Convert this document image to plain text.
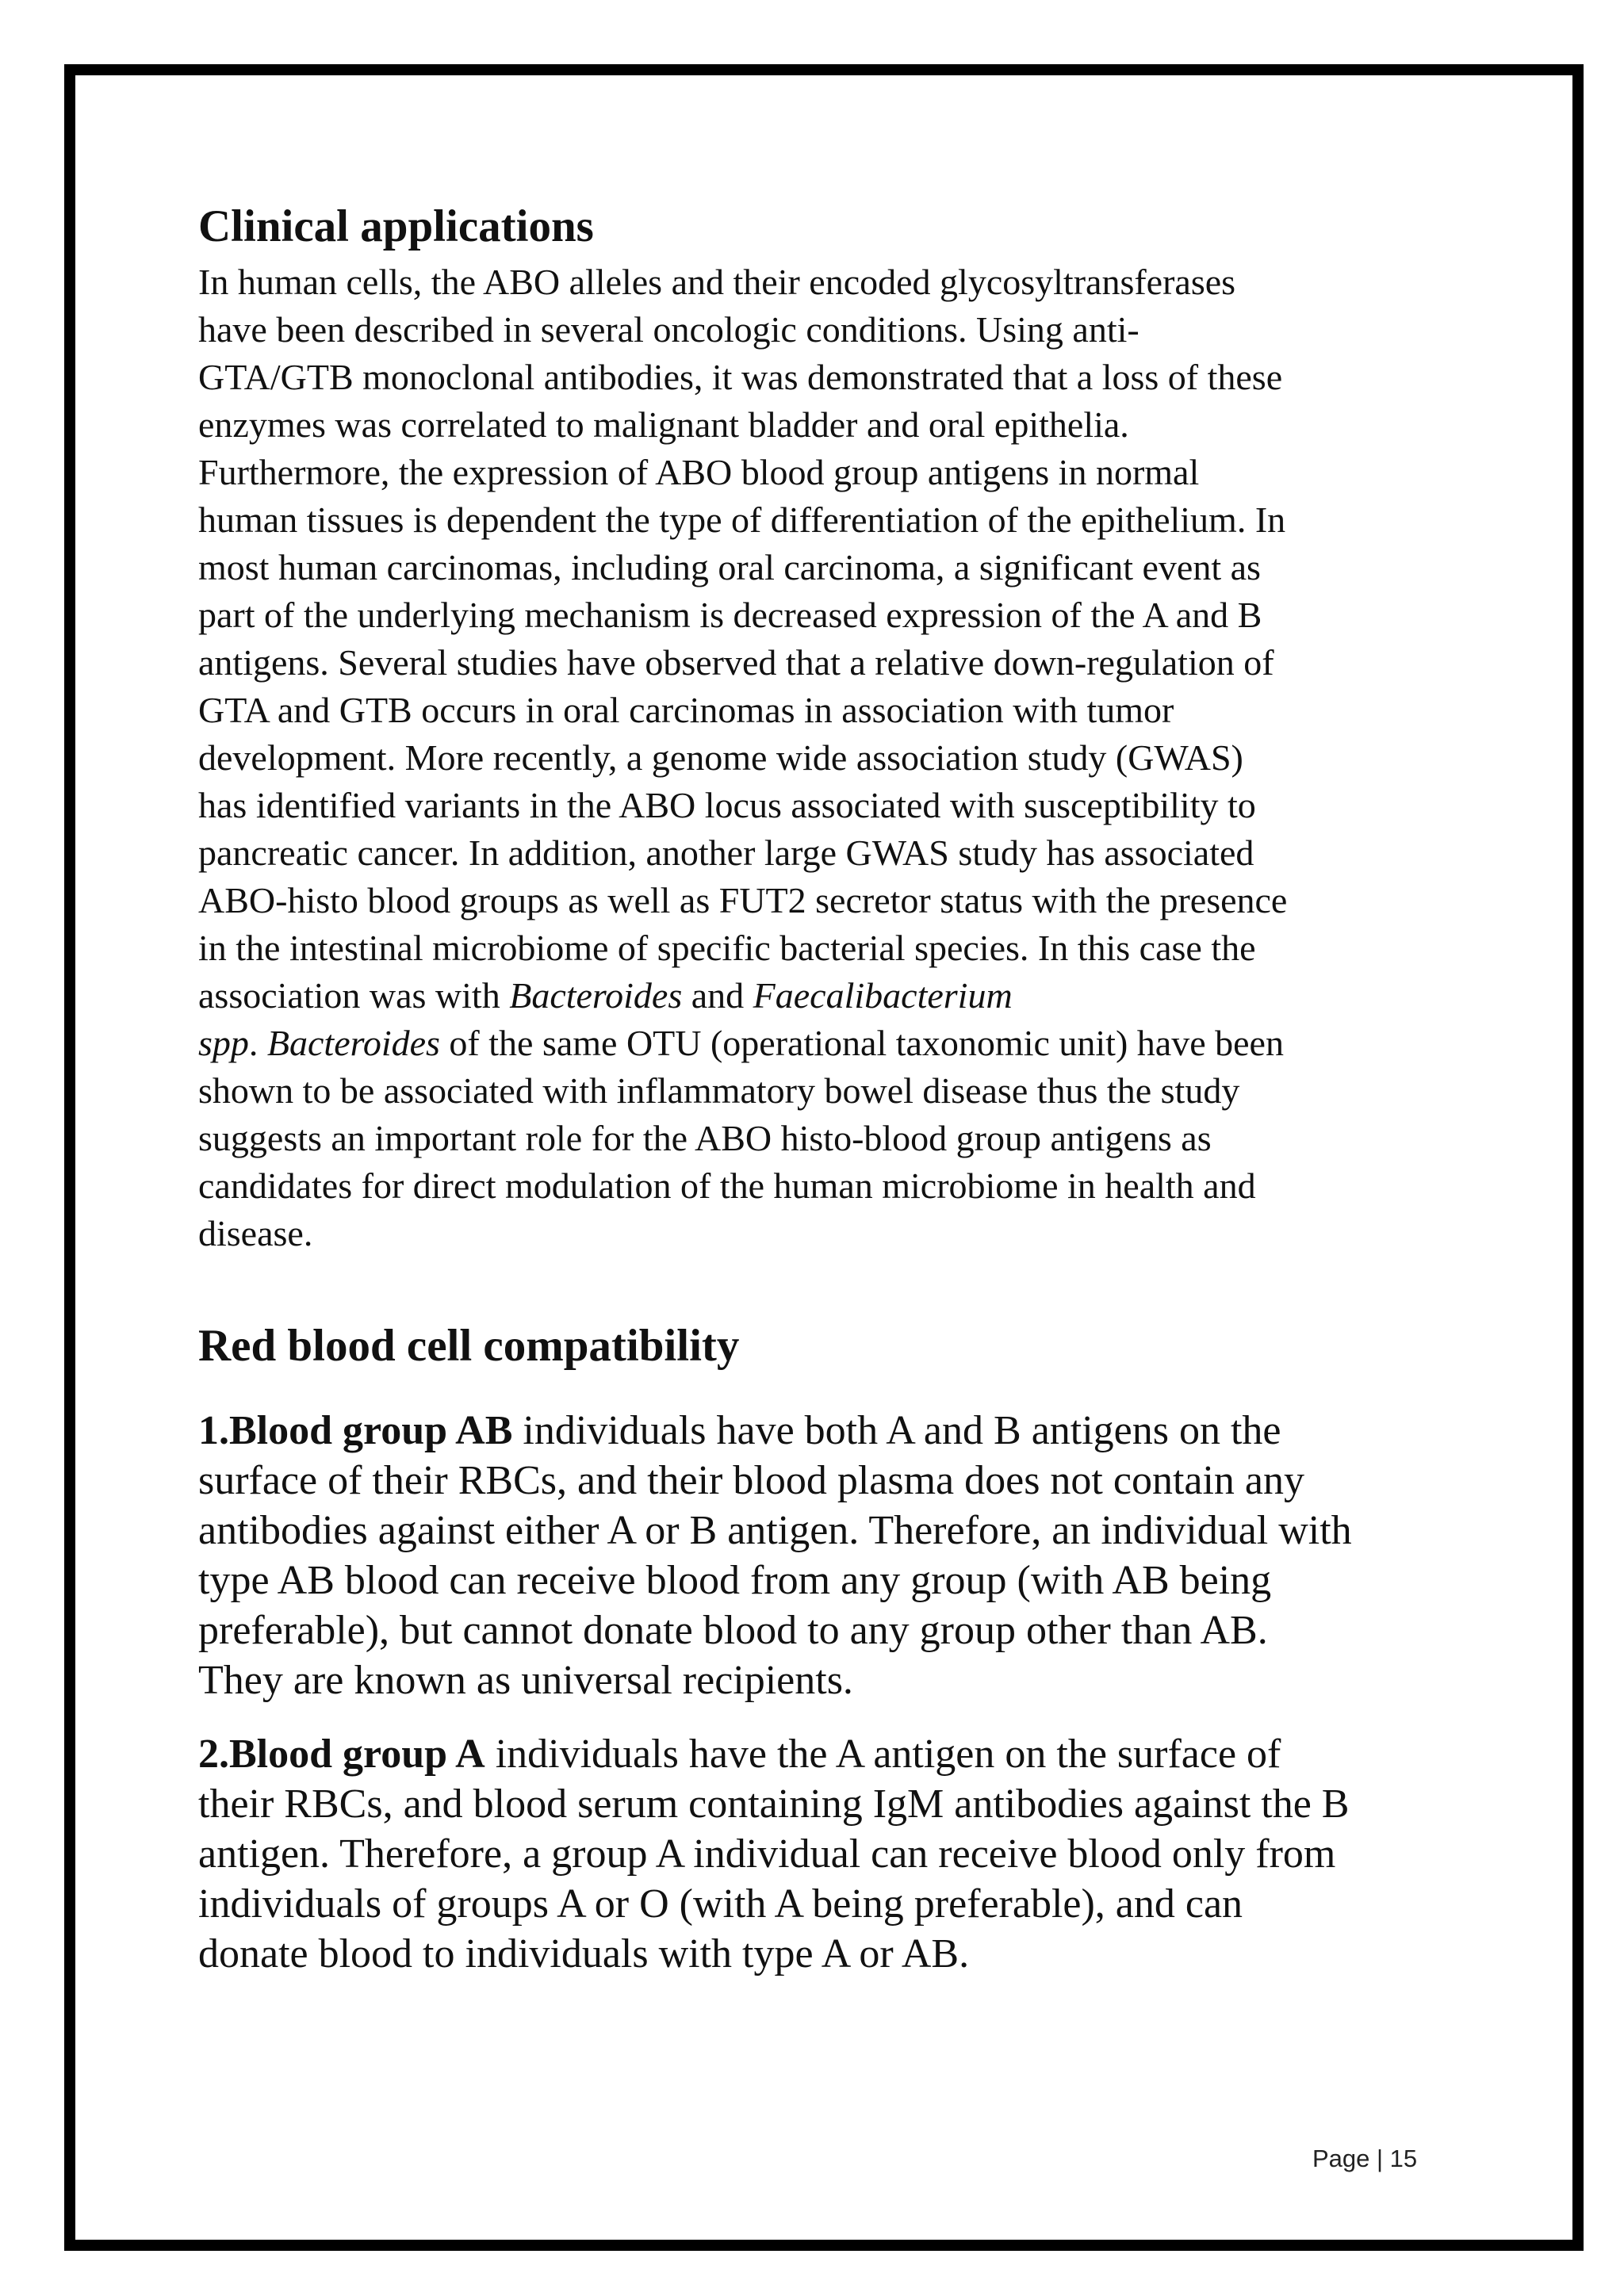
Clinical applications

In human cells, the ABO alleles and their encoded glycosyltransferases
have been described in several oncologic conditions. Using anti-
GTA/GTB monoclonal antibodies, it was demonstrated that a loss of these
enzymes was correlated to malignant bladder and oral epithelia.
Furthermore, the expression of ABO blood group antigens in normal
human tissues is dependent the type of differentiation of the epithelium. In
most human carcinomas, including oral carcinoma, a significant event as
part of the underlying mechanism is decreased expression of the A and B
antigens. Several studies have observed that a relative down-regulation of
GTA and GTB occurs in oral carcinomas in association with tumor
development. More recently, a genome wide association study (GWAS)
has identified variants in the ABO locus associated with susceptibility to
pancreatic cancer. In addition, another large GWAS study has associated
ABO-histo blood groups as well as FUT2 secretor status with the presence
in the intestinal microbiome of specific bacterial species. In this case the
association was with Bacteroides and Faecalibacterium
spp. Bacteroides of the same OTU (operational taxonomic unit) have been
shown to be associated with inflammatory bowel disease thus the study
suggests an important role for the ABO histo-blood group antigens as
candidates for direct modulation of the human microbiome in health and
disease.

Red blood cell compatibility

1.Blood group AB individuals have both A and B antigens on the
surface of their RBCs, and their blood plasma does not contain any
antibodies against either A or B antigen. Therefore, an individual with
type AB blood can receive blood from any group (with AB being
preferable), but cannot donate blood to any group other than AB.
They are known as universal recipients.

2.Blood group A individuals have the A antigen on the surface of
their RBCs, and blood serum containing IgM antibodies against the B
antigen. Therefore, a group A individual can receive blood only from
individuals of groups A or O (with A being preferable), and can
donate blood to individuals with type A or AB.

Page | 15
